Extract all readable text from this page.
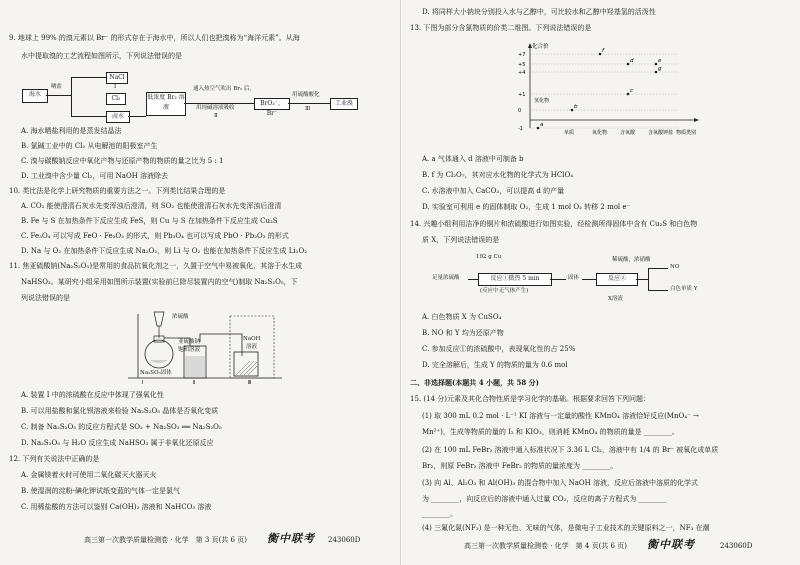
9. 地球上 99% 的溴元素以 Br⁻ 的形式存在于海水中，所以人们也把溴称为“海洋元素”。从海
水中提取溴的工艺流程如图所示，下列说法错误的是
海水
晒盐
NaCl
Cl₂
卤水
Ⅰ
低浓度 Br₂ 溶液
通入热空气吹出 Br₂ 后,
用纯碱溶液吸收
Ⅱ
BrO₃⁻、Br⁻
用硫酸酸化
Ⅲ
工业溴
A. 海水晒盐利用的是蒸发结晶法
B. 氯碱工业中的 Cl₂ 从电解池的阳极室产生
C. 溴与碳酸钠反应中氧化产物与还原产物的物质的量之比为 5 : 1
D. 工业溴中含少量 Cl₂，可用 NaOH 溶液除去
10. 类比法是化学上研究物质的重要方法之一。下列类比结果合理的是
A. CO₂ 能使澄清石灰水先变浑浊后澄清，则 SO₂ 也能使澄清石灰水先变浑浊后澄清
B. Fe 与 S 在加热条件下反应生成 FeS，则 Cu 与 S 在加热条件下反应生成 Cu₂S
C. Fe₃O₄ 可以写成 FeO · Fe₂O₃ 的形式，则 Pb₃O₄ 也可以写成 PbO · Pb₂O₃ 的形式
D. Na 与 O₂ 在加热条件下反应生成 Na₂O₂，则 Li 与 O₂ 也能在加热条件下反应生成 Li₂O₂
11. 焦亚硫酸钠(Na₂S₂O₅)是常用的食品抗氧化剂之一，久置于空气中易被氧化，其溶于水生成
NaHSO₃。某研究小组采用如图所示装置(实验前已除尽装置内的空气)制取 Na₂S₂O₅，下
列说法错误的是
Ⅰ	Ⅱ	Ⅲ
浓硫酸
亚硫酸钠
饱和溶液
Na₂SO₃固体
NaOH
溶液
A. 装置 Ⅰ 中的浓硫酸在反应中体现了强氧化性
B. 可以用盐酸和氯化钡溶液来检验 Na₂S₂O₅ 晶体是否氧化变质
C. 制备 Na₂S₂O₅ 的反应方程式是 SO₂ + Na₂SO₃ ══ Na₂S₂O₅
D. Na₂S₂O₅ 与 H₂O 反应生成 NaHSO₃ 属于非氧化还原反应
12. 下列有关说法中正确的是
A. 金属镁着火时可使用二氧化碳灭火器灭火
B. 使湿润的淀粉-碘化钾试纸变蓝的气体一定是氯气
C. 用稀盐酸的方法可以鉴别 Ca(OH)₂ 溶液和 NaHCO₃ 溶液
高三第一次教学质量检测卷 · 化学　第 3 页(共 6 页) 衡中联考 243060D
D. 将同样大小钠块分别投入水与乙醇中，可比较水和乙醇中羟基氢的活泼性
13. 下图为部分含氯物质的价类二维图。下列说法错误的是
化合价
+7
+5
+4
+1
0
-1
氢化物
单质	氧化物	含氧酸	含氧酸钾盐 物质类别
a
b
c
d	e
f
g
A. a 气体通入 d 溶液中可制备 b
B. f 为 Cl₂O₇，其对应水化物的化学式为 HClO₄
C. 水溶液中加入 CaCO₃，可以提高 d 的产量
D. 实验室可利用 e 的固体制取 O₂，生成 1 mol O₂ 转移 2 mol e⁻
14. 兴趣小组利用洁净的铜片和浓硫酸进行如图实验，经检测所得固体中含有 Cu₂S 和白色物
质 X，下列说法错误的是
192 g Cu
足量浓硫酸	反应①微热 5 min
(反应中无气体产生)
固体	反应②
稀硫酸，浓硝酸
X溶液
NO
白色单质 Y
A. 白色物质 X 为 CuSO₄
B. NO 和 Y 均为还原产物
C. 参加反应①的浓硫酸中，表现氧化性的占 25%
D. 完全溶解后，生成 Y 的物质的量为 0.6 mol
二、非选择题(本题共 4 小题，共 58 分)
15. (14 分)元素及其化合物性质是学习化学的基础。根据要求回答下列问题：
(1) 取 300 mL 0.2 mol · L⁻¹ KI 溶液与一定量的酸性 KMnO₄ 溶液恰好反应(MnO₄⁻ →
Mn²⁺)，生成等物质的量的 I₂ 和 KIO₃，则消耗 KMnO₄ 的物质的量是 ________。
(2) 在 100 mL FeBr₂ 溶液中通入标准状况下 3.36 L Cl₂，溶液中有 1/4 的 Br⁻ 被氧化成单质
Br₂，则原 FeBr₂ 溶液中 FeBr₂ 的物质的量浓度为 ________。
(3) 向 Al、Al₂O₃ 和 Al(OH)₃ 的混合物中加入 NaOH 溶液，反应后溶液中溶质的化学式
为 ________，向反应后的溶液中通入过量 CO₂，反应的离子方程式为 ________
________。
(4) 三氟化氮(NF₃) 是一种无色、无味的气体，是微电子工业技术的关键原料之一，NF₃ 在潮
高三第一次教学质量检测卷 · 化学　第 4 页(共 6 页) 衡中联考	243060D
